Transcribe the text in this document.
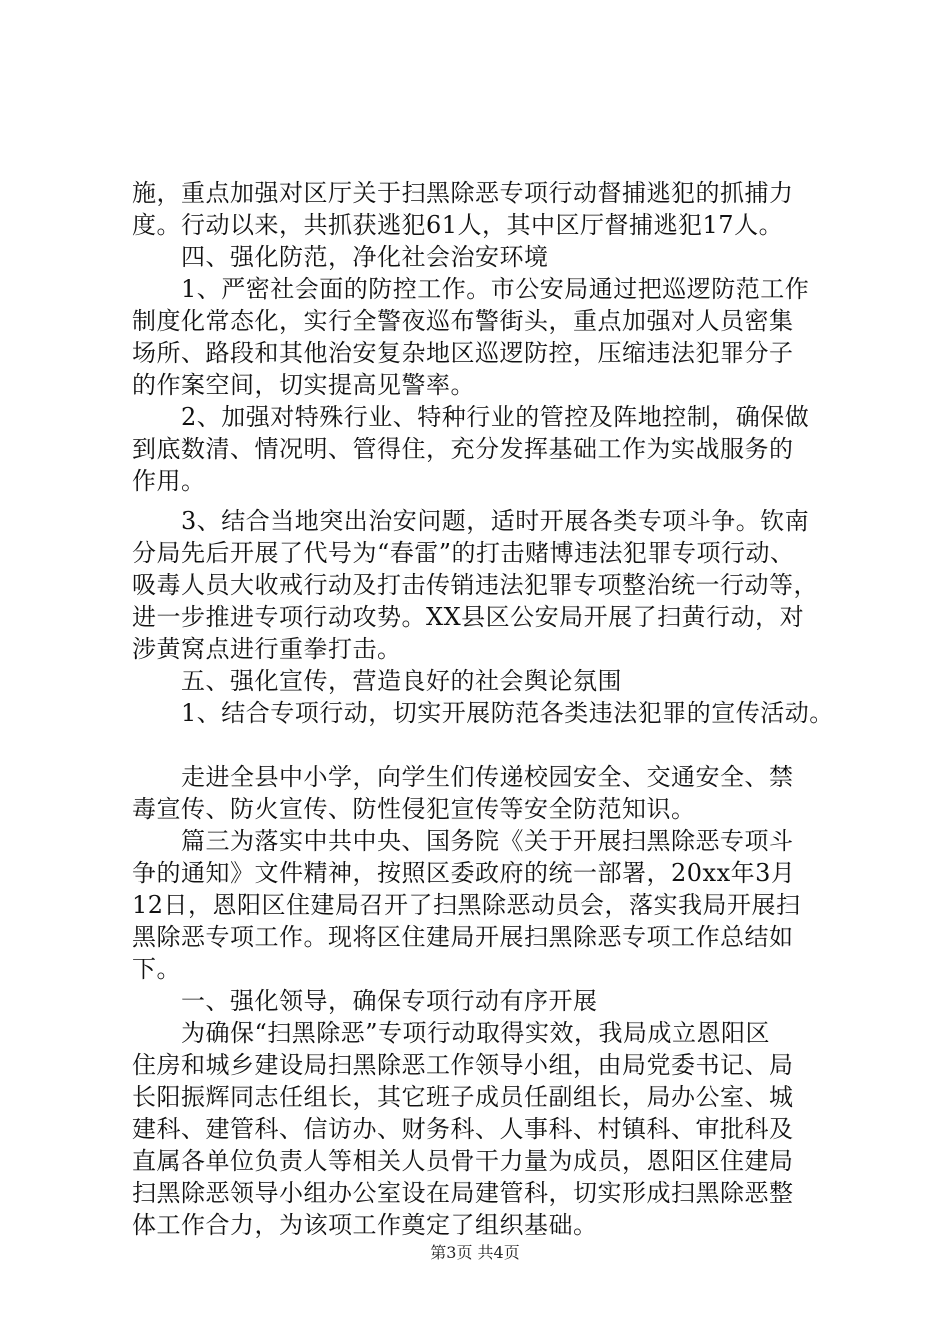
施，重点加强对区厅关于扫黑除恶专项行动督捕逃犯的抓捕力
度。行动以来，共抓获逃犯61人，其中区厅督捕逃犯17人。
　　四、强化防范，净化社会治安环境
　　1、严密社会面的防控工作。市公安局通过把巡逻防范工作
制度化常态化，实行全警夜巡布警街头，重点加强对人员密集
场所、路段和其他治安复杂地区巡逻防控，压缩违法犯罪分子
的作案空间，切实提高见警率。
　　2、加强对特殊行业、特种行业的管控及阵地控制，确保做
到底数清、情况明、管得住，充分发挥基础工作为实战服务的
作用。
　　3、结合当地突出治安问题，适时开展各类专项斗争。钦南
分局先后开展了代号为“春雷”的打击赌博违法犯罪专项行动、
吸毒人员大收戒行动及打击传销违法犯罪专项整治统一行动等，
进一步推进专项行动攻势。XX县区公安局开展了扫黄行动，对
涉黄窝点进行重拳打击。
　　五、强化宣传，营造良好的社会舆论氛围
　　1、结合专项行动，切实开展防范各类违法犯罪的宣传活动。
　　走进全县中小学，向学生们传递校园安全、交通安全、禁
毒宣传、防火宣传、防性侵犯宣传等安全防范知识。
　　篇三为落实中共中央、国务院《关于开展扫黑除恶专项斗
争的通知》文件精神，按照区委政府的统一部署，20xx年3月
12日，恩阳区住建局召开了扫黑除恶动员会，落实我局开展扫
黑除恶专项工作。现将区住建局开展扫黑除恶专项工作总结如
下。
　　一、强化领导，确保专项行动有序开展
　　为确保“扫黑除恶”专项行动取得实效，我局成立恩阳区
住房和城乡建设局扫黑除恶工作领导小组，由局党委书记、局
长阳振辉同志任组长，其它班子成员任副组长，局办公室、城
建科、建管科、信访办、财务科、人事科、村镇科、审批科及
直属各单位负责人等相关人员骨干力量为成员，恩阳区住建局
扫黑除恶领导小组办公室设在局建管科，切实形成扫黑除恶整
体工作合力，为该项工作奠定了组织基础。
第3页 共4页
